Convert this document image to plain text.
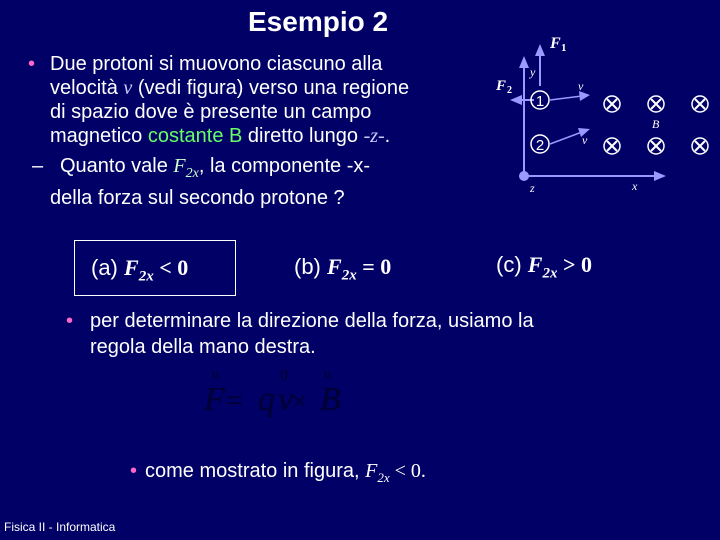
Esempio 2
• Due protoni si muovono ciascuno alla
velocità v (vedi figura) verso una regione
di spazio dove è presente un campo
magnetico costante B diretto lungo -z-.
– Quanto vale $F_{2x}$, la componente -x-
della forza sul secondo protone ?
1
2
F 1
F 2
y
z	x
v
v
B
(a) $F_{2x} < 0$	(b) $F_{2x} = 0$	(c) $F_{2x} > 0$
• per determinare la direzione della forza, usiamo la
regola della mano destra.
u	0	u
F = q v
× B
• come mostrato in figura, $F_{2x} < 0$.
Fisica II - Informatica
